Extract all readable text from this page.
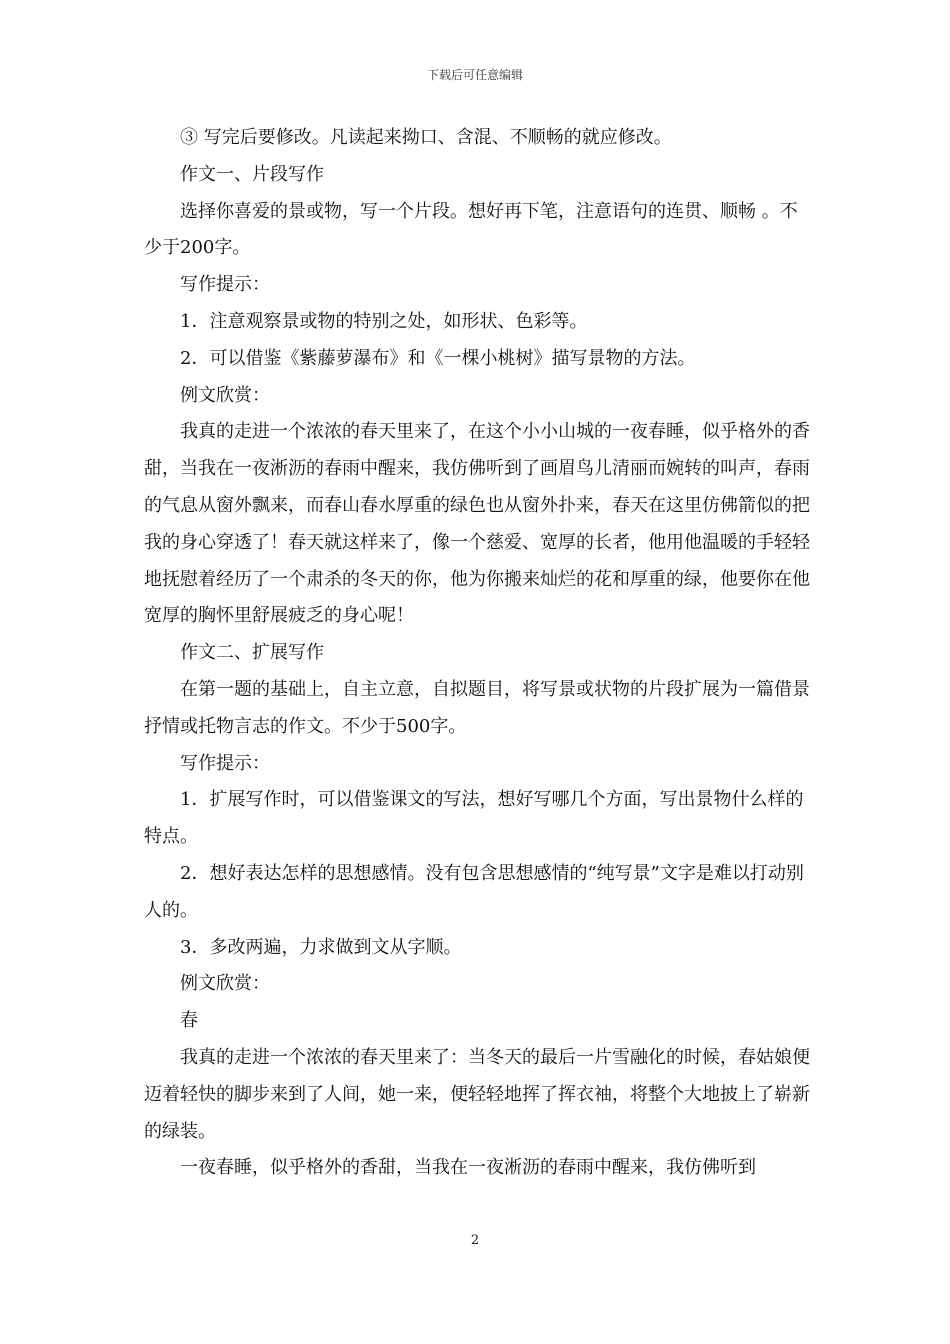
下载后可任意编辑

③ 写完后要修改。凡读起来拗口、含混、不顺畅的就应修改。

作文一、片段写作

选择你喜爱的景或物，写一个片段。想好再下笔，注意语句的连贯、顺畅 。不少于200字。

写作提示：

1．注意观察景或物的特别之处，如形状、色彩等。

2．可以借鉴《紫藤萝瀑布》和《一棵小桃树》描写景物的方法。

例文欣赏：

我真的走进一个浓浓的春天里来了，在这个小小山城的一夜春睡，似乎格外的香甜，当我在一夜淅沥的春雨中醒来，我仿佛听到了画眉鸟儿清丽而婉转的叫声，春雨的气息从窗外飘来，而春山春水厚重的绿色也从窗外扑来，春天在这里仿佛箭似的把我的身心穿透了！春天就这样来了，像一个慈爱、宽厚的长者，他用他温暖的手轻轻地抚慰着经历了一个肃杀的冬天的你，他为你搬来灿烂的花和厚重的绿，他要你在他宽厚的胸怀里舒展疲乏的身心呢！

作文二、扩展写作

在第一题的基础上，自主立意，自拟题目，将写景或状物的片段扩展为一篇借景抒情或托物言志的作文。不少于500字。

写作提示：

1．扩展写作时，可以借鉴课文的写法，想好写哪几个方面，写出景物什么样的特点。

2．想好表达怎样的思想感情。没有包含思想感情的“纯写景”文字是难以打动别人的。

3．多改两遍，力求做到文从字顺。

例文欣赏：

春

我真的走进一个浓浓的春天里来了：当冬天的最后一片雪融化的时候，春姑娘便迈着轻快的脚步来到了人间，她一来，便轻轻地挥了挥衣袖，将整个大地披上了崭新的绿装。

一夜春睡，似乎格外的香甜，当我在一夜淅沥的春雨中醒来，我仿佛听到

2
